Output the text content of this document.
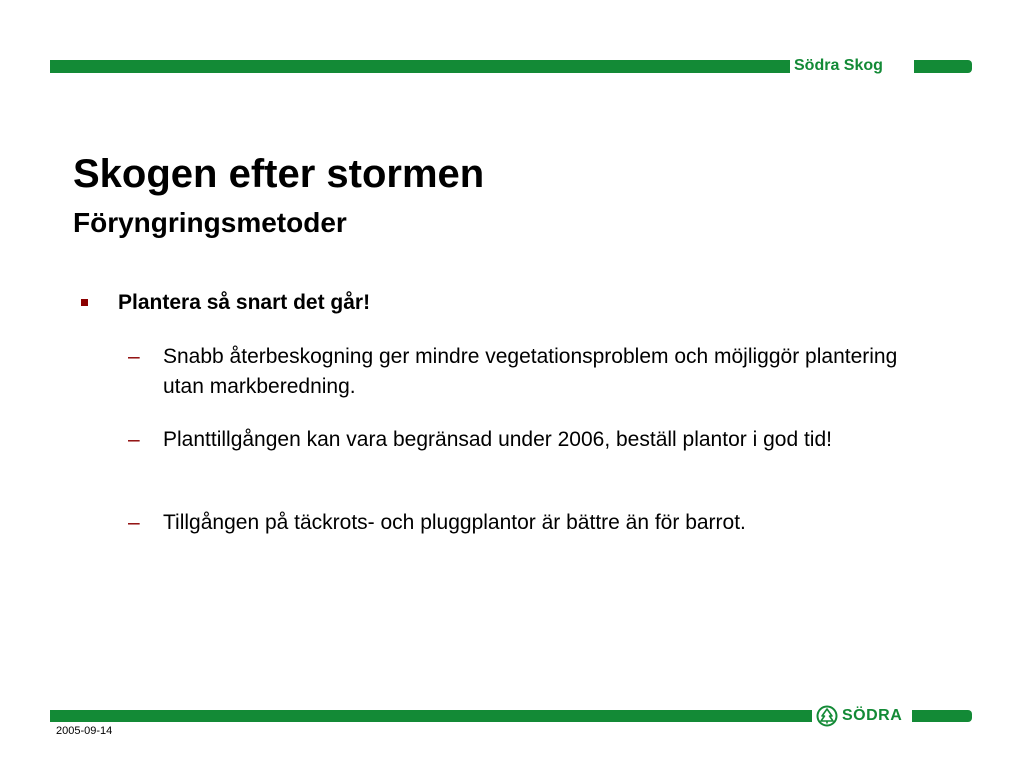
Södra Skog
Skogen efter stormen
Föryngringsmetoder
Plantera så snart det går!
– Snabb återbeskogning ger mindre vegetationsproblem och möjliggör plantering utan markberedning.
– Planttillgången kan vara begränsad under 2006, beställ plantor i god tid!
– Tillgången på täckrots- och pluggplantor är bättre än för barrot.
SÖDRA
2005-09-14
